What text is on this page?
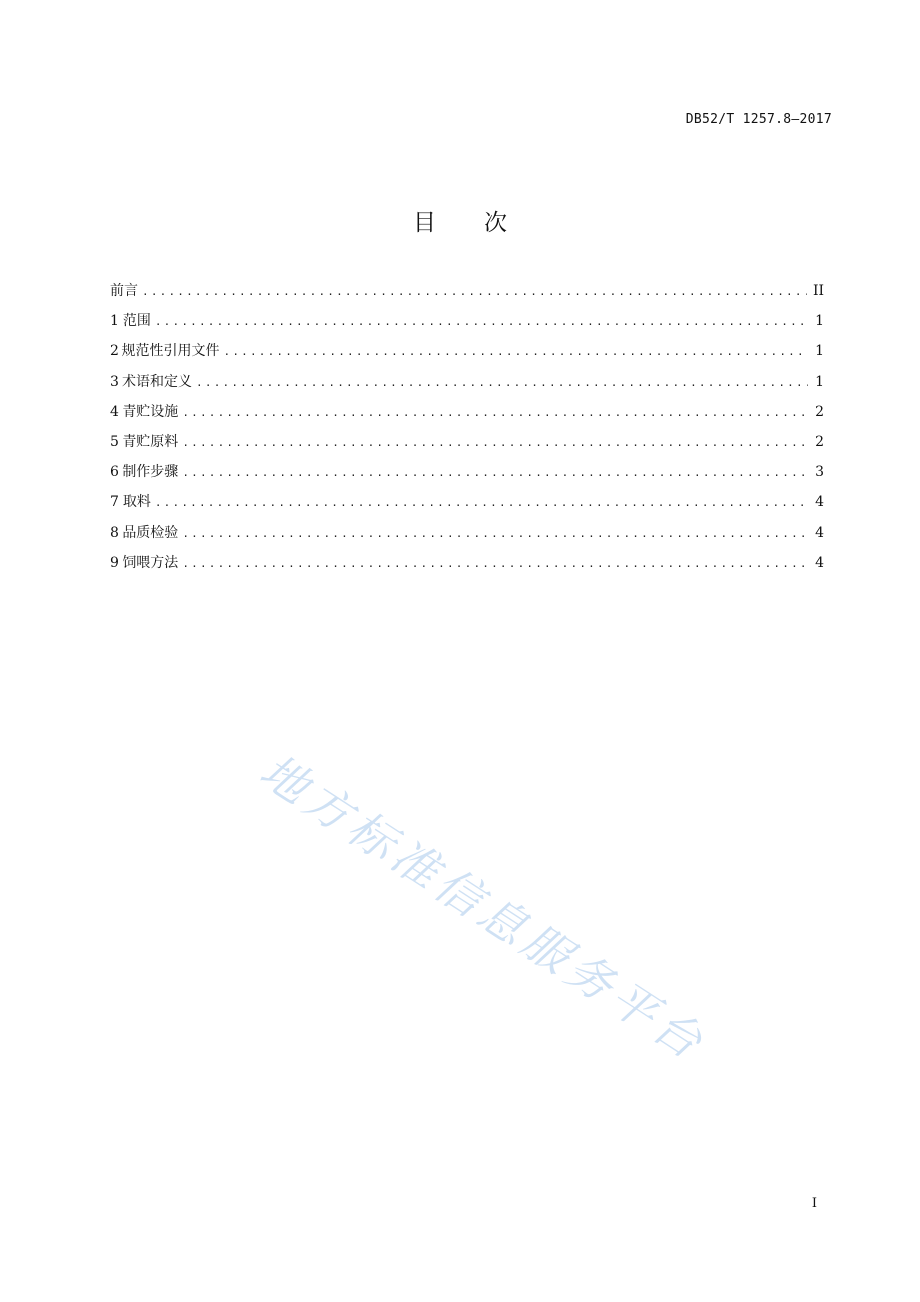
DB52/T 1257.8—2017
目 次
前言 .....	II
1 范围 .....	1
2 规范性引用文件 .....	1
3 术语和定义 .....	1
4 青贮设施 .....	2
5 青贮原料 .....	2
6 制作步骤 .....	3
7 取料 .....	4
8 品质检验 .....	4
9 饲喂方法 .....	4
地方标准信息服务平台
I
